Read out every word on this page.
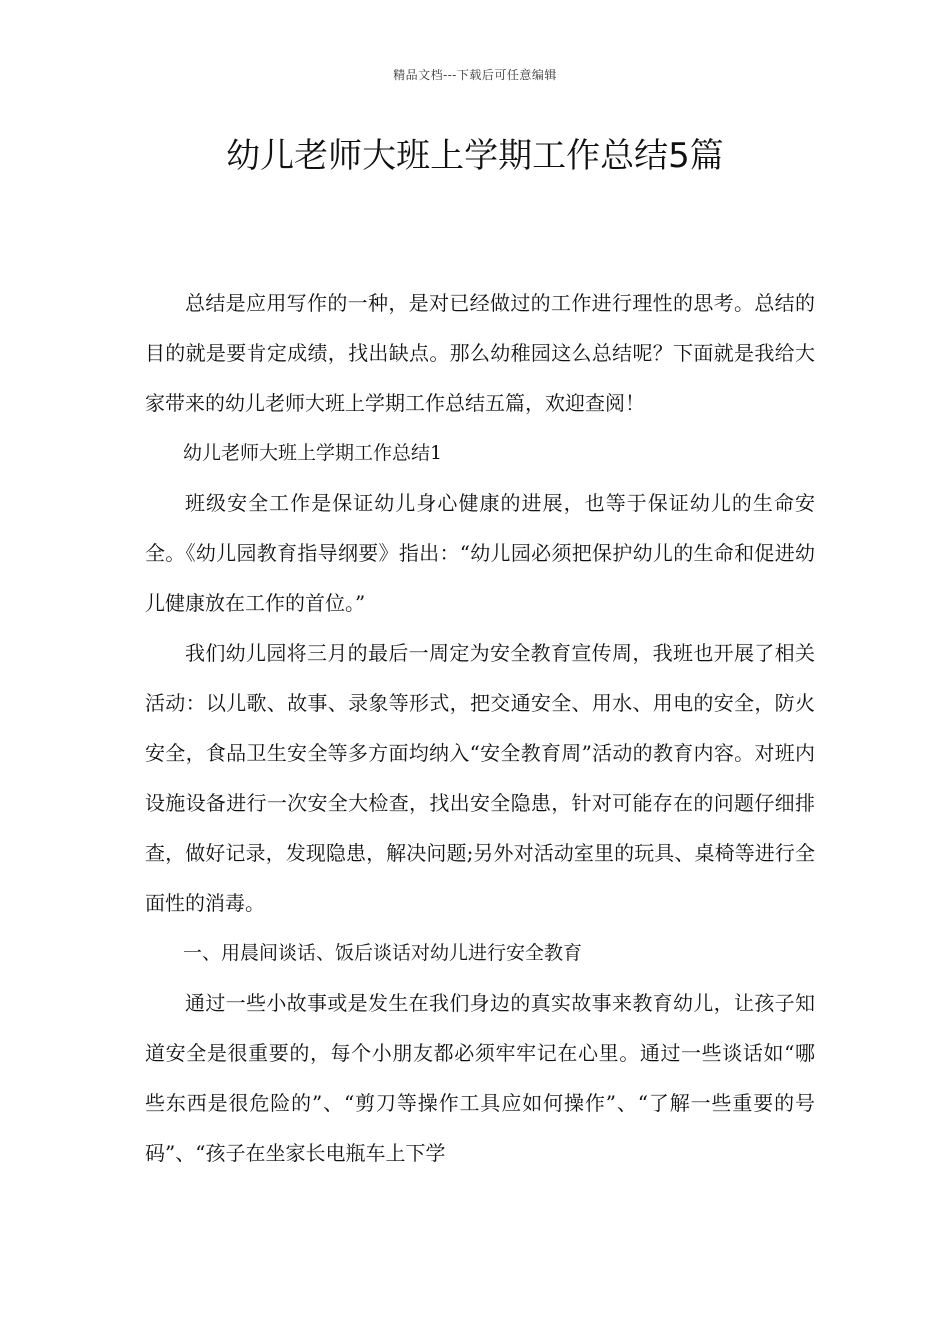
精品文档---下载后可任意编辑
幼儿老师大班上学期工作总结5篇

总结是应用写作的一种，是对已经做过的工作进行理性的思考。总结的目的就是要肯定成绩，找出缺点。那么幼稚园这么总结呢？下面就是我给大家带来的幼儿老师大班上学期工作总结五篇，欢迎查阅！

幼儿老师大班上学期工作总结1

班级安全工作是保证幼儿身心健康的进展，也等于保证幼儿的生命安全。《幼儿园教育指导纲要》指出：“幼儿园必须把保护幼儿的生命和促进幼儿健康放在工作的首位。”

我们幼儿园将三月的最后一周定为安全教育宣传周，我班也开展了相关活动：以儿歌、故事、录象等形式，把交通安全、用水、用电的安全，防火安全，食品卫生安全等多方面均纳入“安全教育周”活动的教育内容。对班内设施设备进行一次安全大检查，找出安全隐患，针对可能存在的问题仔细排查，做好记录，发现隐患，解决问题;另外对活动室里的玩具、桌椅等进行全面性的消毒。

一、用晨间谈话、饭后谈话对幼儿进行安全教育

通过一些小故事或是发生在我们身边的真实故事来教育幼儿，让孩子知道安全是很重要的，每个小朋友都必须牢牢记在心里。通过一些谈话如“哪些东西是很危险的”、“剪刀等操作工具应如何操作”、“了解一些重要的号码”、“孩子在坐家长电瓶车上下学
